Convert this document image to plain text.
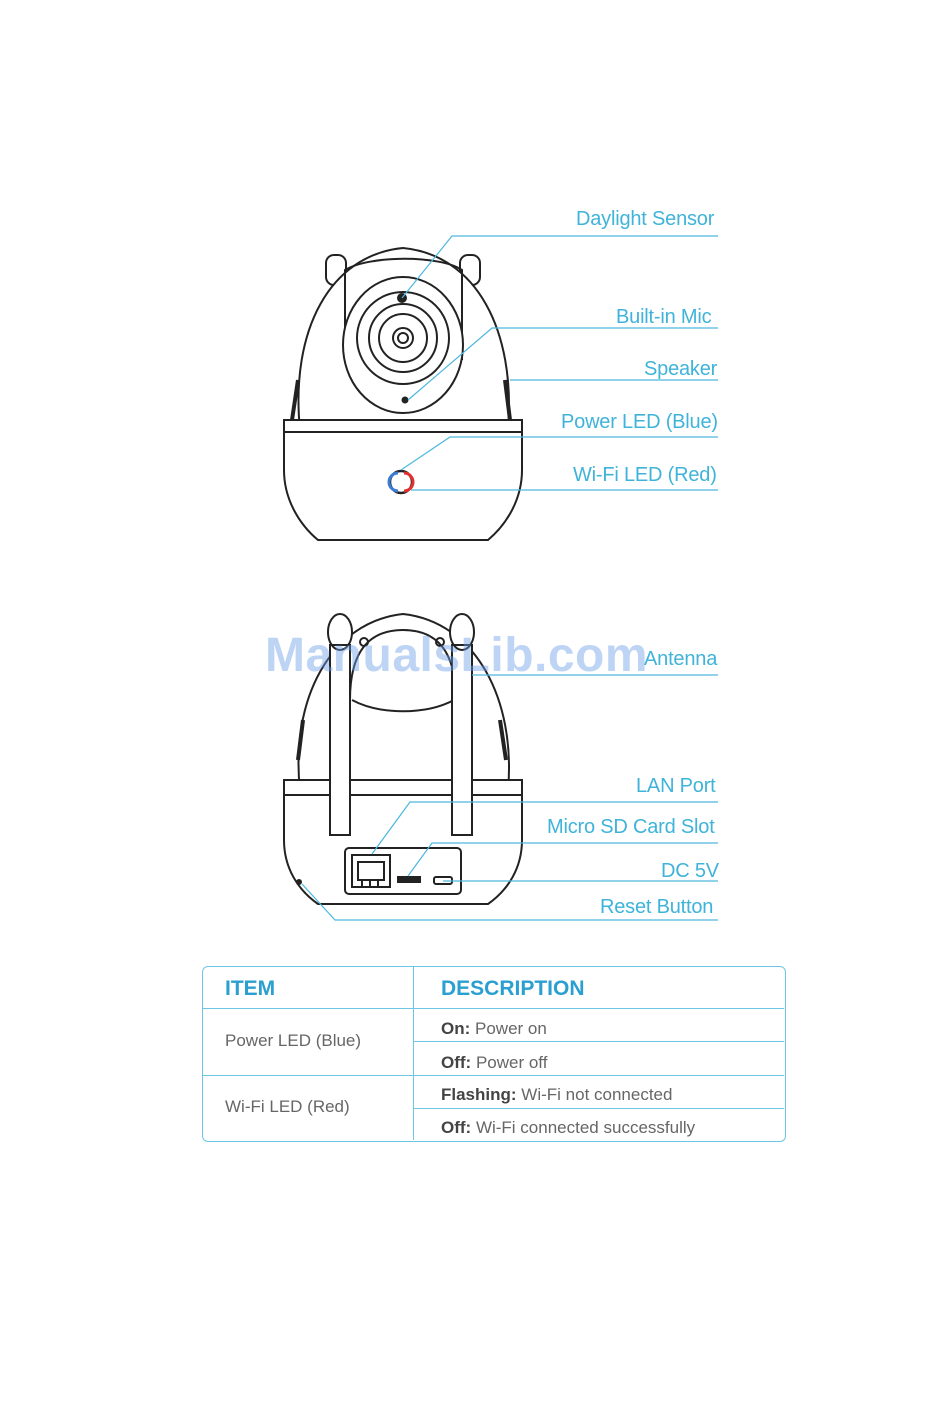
Daylight Sensor
Built-in Mic
Speaker
Power LED (Blue)
Wi-Fi LED (Red)
Antenna
LAN Port
Micro SD Card Slot
DC 5V
Reset Button
ManualsLib.com
ITEM	DESCRIPTION
Power LED (Blue)
On: Power on
Off: Power off
Wi-Fi LED (Red)
Flashing: Wi-Fi not connected
Off: Wi-Fi connected successfully
